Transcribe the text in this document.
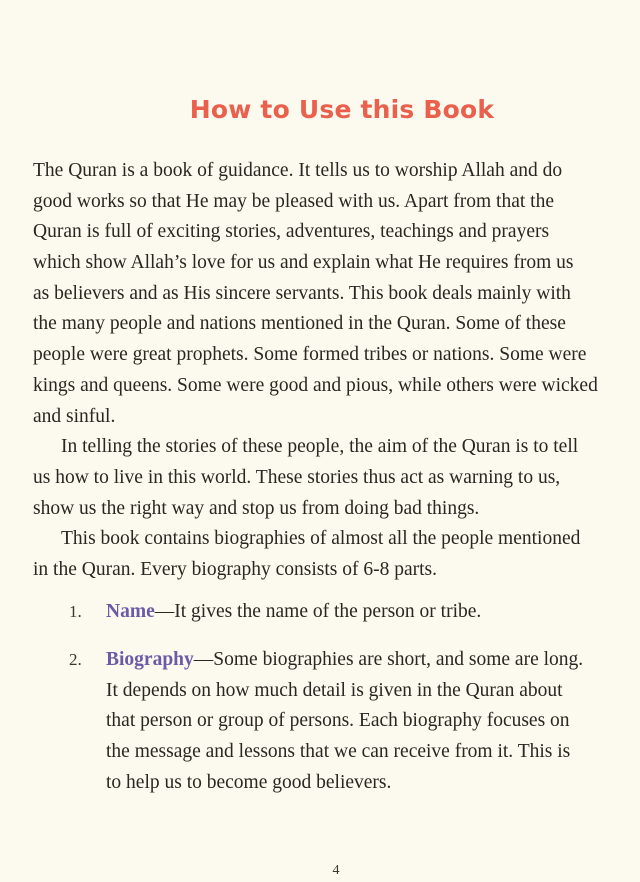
How to Use this Book
The Quran is a book of guidance. It tells us to worship Allah and do
good works so that He may be pleased with us. Apart from that the
Quran is full of exciting stories, adventures, teachings and prayers
which show Allah’s love for us and explain what He requires from us
as believers and as His sincere servants. This book deals mainly with
the many people and nations mentioned in the Quran. Some of these
people were great prophets. Some formed tribes or nations. Some were
kings and queens. Some were good and pious, while others were wicked
and sinful.
In telling the stories of these people, the aim of the Quran is to tell
us how to live in this world. These stories thus act as warning to us,
show us the right way and stop us from doing bad things.
This book contains biographies of almost all the people mentioned
in the Quran. Every biography consists of 6-8 parts.
1. Name—It gives the name of the person or tribe.
2. Biography—Some biographies are short, and some are long.
It depends on how much detail is given in the Quran about
that person or group of persons. Each biography focuses on
the message and lessons that we can receive from it. This is
to help us to become good believers.
4
